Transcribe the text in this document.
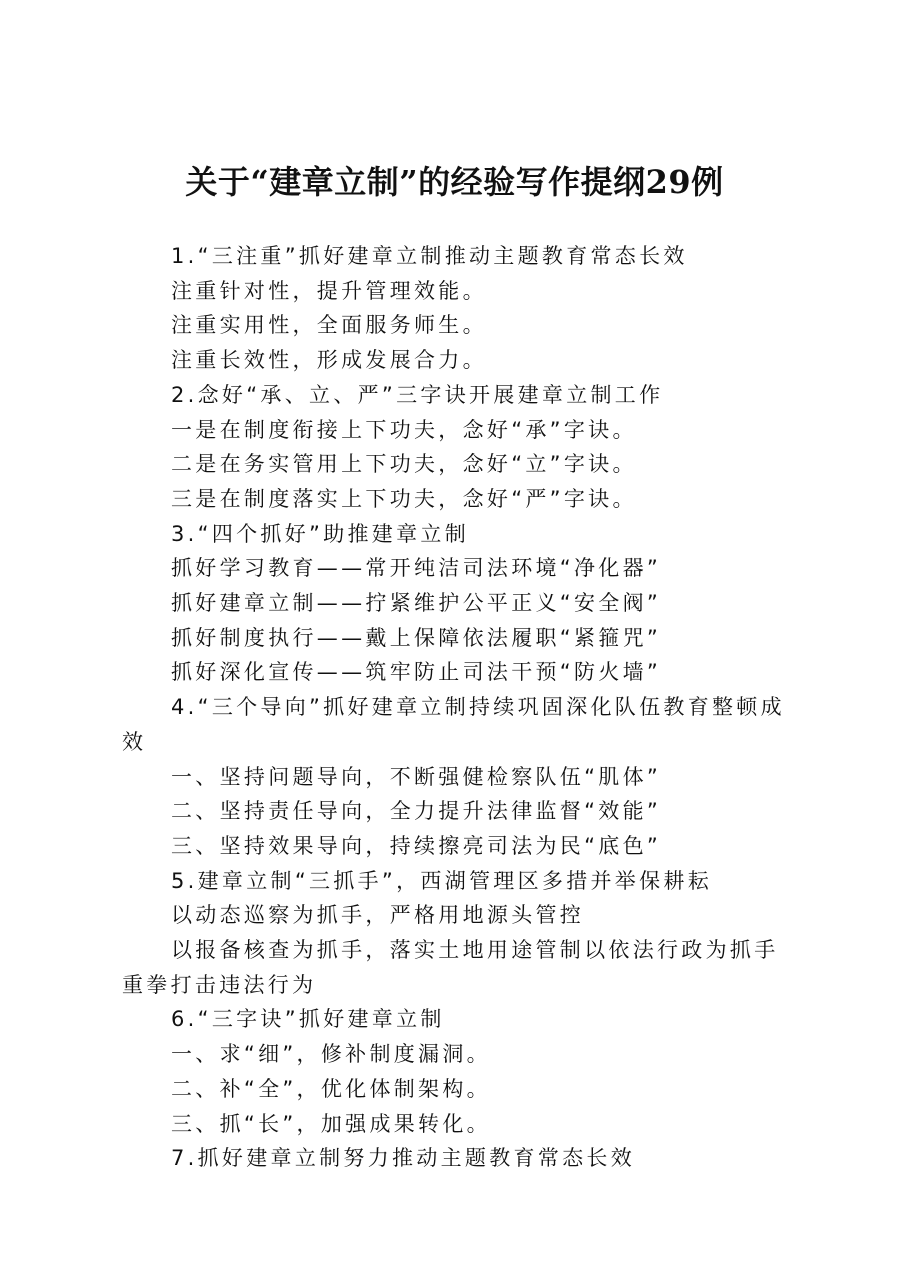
关于“建章立制”的经验写作提纲29例

1.“三注重”抓好建章立制推动主题教育常态长效

注重针对性，提升管理效能。

注重实用性，全面服务师生。

注重长效性，形成发展合力。

2.念好“承、立、严”三字诀开展建章立制工作

一是在制度衔接上下功夫，念好“承”字诀。

二是在务实管用上下功夫，念好“立”字诀。

三是在制度落实上下功夫，念好“严”字诀。

3.“四个抓好”助推建章立制

抓好学习教育——常开纯洁司法环境“净化器”

抓好建章立制——拧紧维护公平正义“安全阀”

抓好制度执行——戴上保障依法履职“紧箍咒”

抓好深化宣传——筑牢防止司法干预“防火墙”

4.“三个导向”抓好建章立制持续巩固深化队伍教育整顿成效

一、坚持问题导向，不断强健检察队伍“肌体”

二、坚持责任导向，全力提升法律监督“效能”

三、坚持效果导向，持续擦亮司法为民“底色”

5.建章立制“三抓手”，西湖管理区多措并举保耕耘

以动态巡察为抓手，严格用地源头管控

以报备核查为抓手，落实土地用途管制以依法行政为抓手重拳打击违法行为

6.“三字诀”抓好建章立制

一、求“细”，修补制度漏洞。

二、补“全”，优化体制架构。

三、抓“长”，加强成果转化。

7.抓好建章立制努力推动主题教育常态长效
